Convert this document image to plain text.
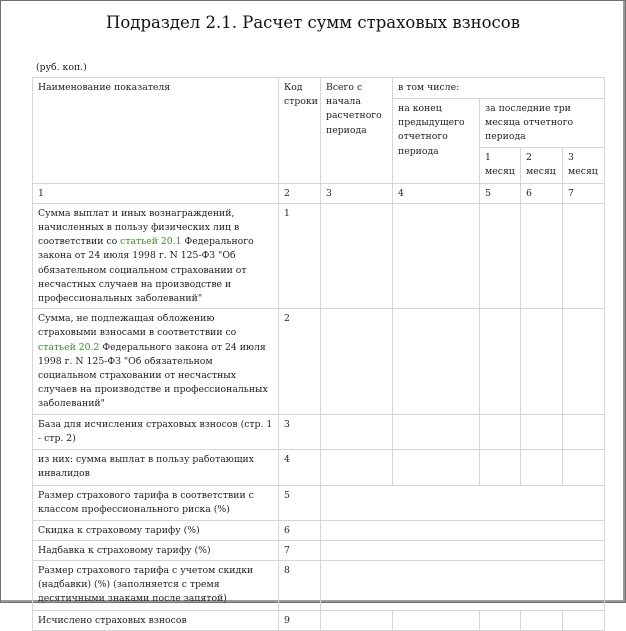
Подраздел 2.1. Расчет сумм страховых взносов
(руб. коп.)
Наименование показателя	Код строки	Всего с начала расчетного периода	в том числе:			
			на конец предыдущего отчетного периода	за последние три месяца отчетного периода		
				1 месяц	2 месяц	3 месяц
1	2	3	4	5	6	7
Сумма выплат и иных вознаграждений, начисленных в пользу физических лиц в соответствии со статьей 20.1 Федерального закона от 24 июля 1998 г. N 125-ФЗ "Об обязательном социальном страховании от несчастных случаев на производстве и профессиональных заболеваний"	1					
Сумма, не подлежащая обложению страховыми взносами в соответствии со статьей 20.2 Федерального закона от 24 июля 1998 г. N 125-ФЗ "Об обязательном социальном страховании от несчастных случаев на производстве и профессиональных заболеваний"	2					
База для исчисления страховых взносов (стр. 1 - стр. 2)	3					
из них: сумма выплат в пользу работающих инвалидов	4					
Размер страхового тарифа в соответствии с классом профессионального риска (%)	5					
Скидка к страховому тарифу (%)	6					
Надбавка к страховому тарифу (%)	7					
Размер страхового тарифа с учетом скидки (надбавки) (%) (заполняется с тремя десятичными знаками после запятой)	8					
Исчислено страховых взносов	9					
